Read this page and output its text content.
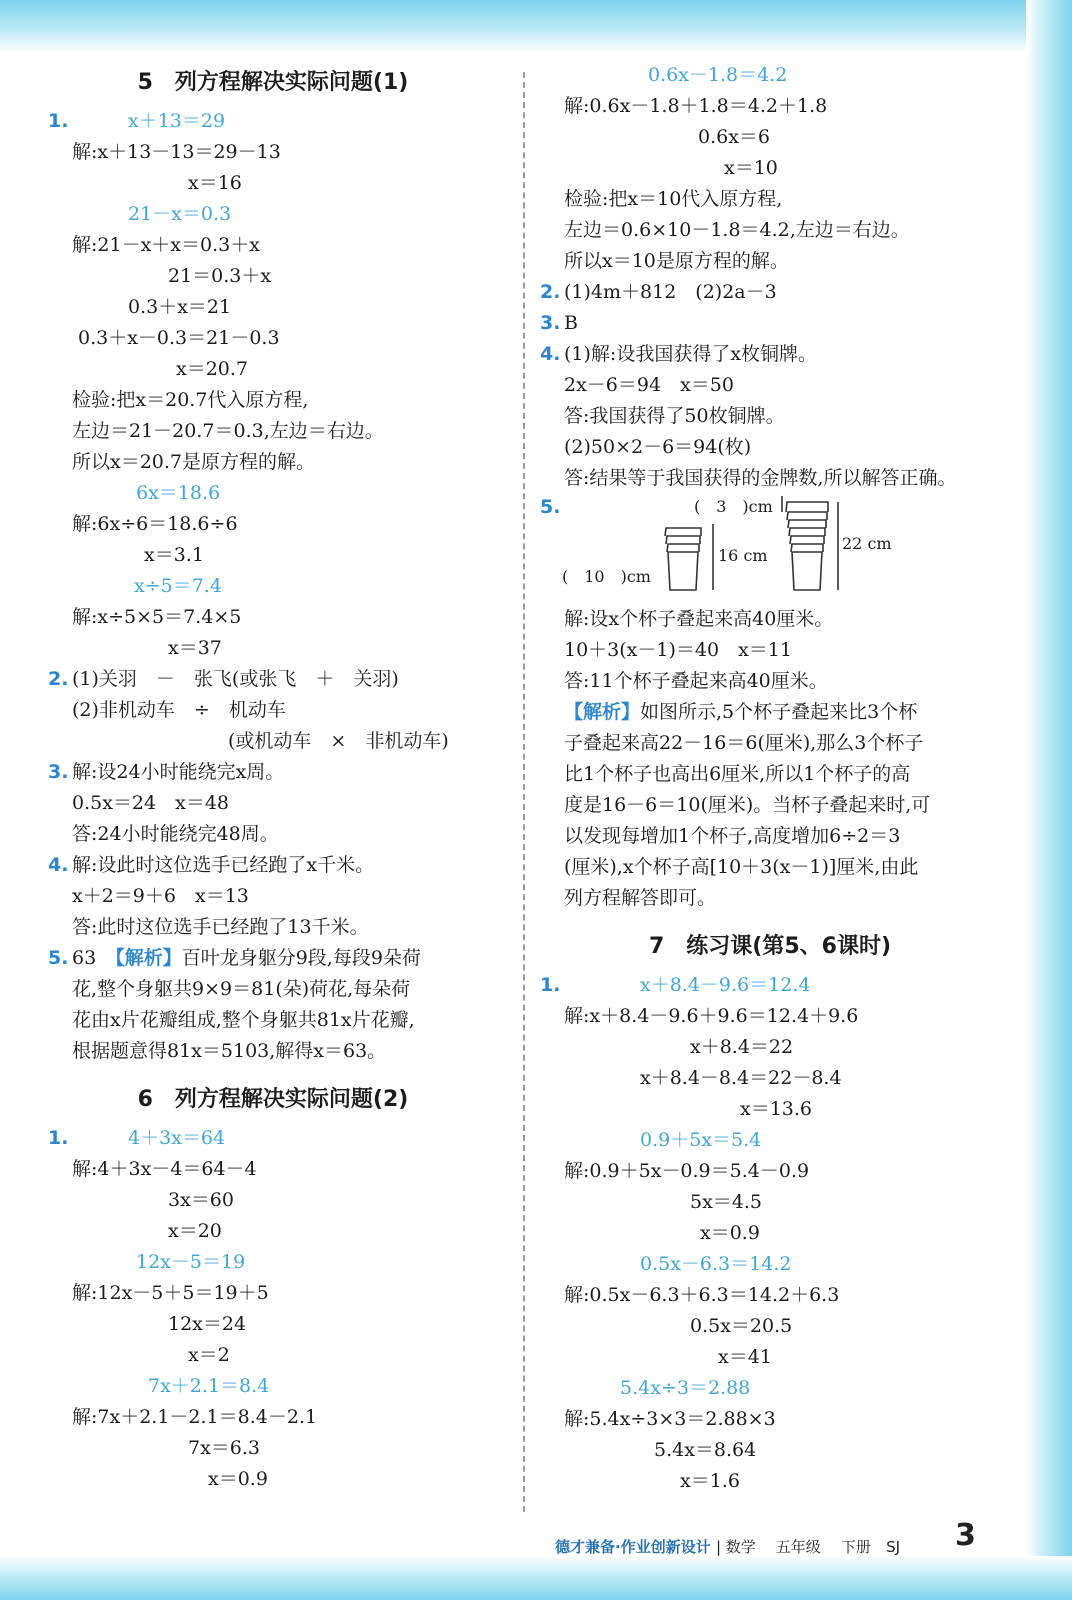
5　列方程解决实际问题(1)
1.	x＋13＝29
解:x＋13－13＝29－13
x＝16
21－x＝0.3
解:21－x＋x＝0.3＋x
21＝0.3＋x
0.3＋x＝21
0.3＋x－0.3＝21－0.3
x＝20.7
检验:把x＝20.7代入原方程,
左边＝21－20.7＝0.3,左边＝右边。
所以x＝20.7是原方程的解。
6x＝18.6
解:6x÷6＝18.6÷6
x＝3.1
x÷5＝7.4
解:x÷5×5＝7.4×5
x＝37
2. (1)关羽　－　张飞(或张飞　＋　关羽)
(2)非机动车　÷　机动车
(或机动车　×　非机动车)
3. 解:设24小时能绕完x周。
0.5x＝24　x＝48
答:24小时能绕完48周。
4. 解:设此时这位选手已经跑了x千米。
x＋2＝9＋6　x＝13
答:此时这位选手已经跑了13千米。
5. 63　【解析】百叶龙身躯分9段,每段9朵荷
花,整个身躯共9×9＝81(朵)荷花,每朵荷
花由x片花瓣组成,整个身躯共81x片花瓣,
根据题意得81x＝5103,解得x＝63。
6　列方程解决实际问题(2)
1.	4＋3x＝64
解:4＋3x－4＝64－4
3x＝60
x＝20
12x－5＝19
解:12x－5＋5＝19＋5
12x＝24
x＝2
7x＋2.1＝8.4
解:7x＋2.1－2.1＝8.4－2.1
7x＝6.3
x＝0.9
0.6x－1.8＝4.2
解:0.6x－1.8＋1.8＝4.2＋1.8
0.6x＝6
x＝10
检验:把x＝10代入原方程,
左边＝0.6×10－1.8＝4.2,左边＝右边。
所以x＝10是原方程的解。
2. (1)4m＋812　(2)2a－3
3. B
4. (1)解:设我国获得了x枚铜牌。
2x－6＝94　x＝50
答:我国获得了50枚铜牌。
(2)50×2－6＝94(枚)
答:结果等于我国获得的金牌数,所以解答正确。
5.	(　3　)cm
(　10　)cm
16 cm
22 cm
解:设x个杯子叠起来高40厘米。
10＋3(x－1)＝40　x＝11
答:11个杯子叠起来高40厘米。
【解析】如图所示,5个杯子叠起来比3个杯
子叠起来高22－16＝6(厘米),那么3个杯子
比1个杯子也高出6厘米,所以1个杯子的高
度是16－6＝10(厘米)。当杯子叠起来时,可
以发现每增加1个杯子,高度增加6÷2＝3
(厘米),x个杯子高[10＋3(x－1)]厘米,由此
列方程解答即可。
7　练习课(第5、6课时)
1.	x＋8.4－9.6＝12.4
解:x＋8.4－9.6＋9.6＝12.4＋9.6
x＋8.4＝22
x＋8.4－8.4＝22－8.4
x＝13.6
0.9＋5x＝5.4
解:0.9＋5x－0.9＝5.4－0.9
5x＝4.5
x＝0.9
0.5x－6.3＝14.2
解:0.5x－6.3＋6.3＝14.2＋6.3
0.5x＝20.5
x＝41
5.4x÷3＝2.88
解:5.4x÷3×3＝2.88×3
5.4x＝8.64
x＝1.6
德才兼备·作业创新设计 | 数学 五年级 下册 SJ 3
